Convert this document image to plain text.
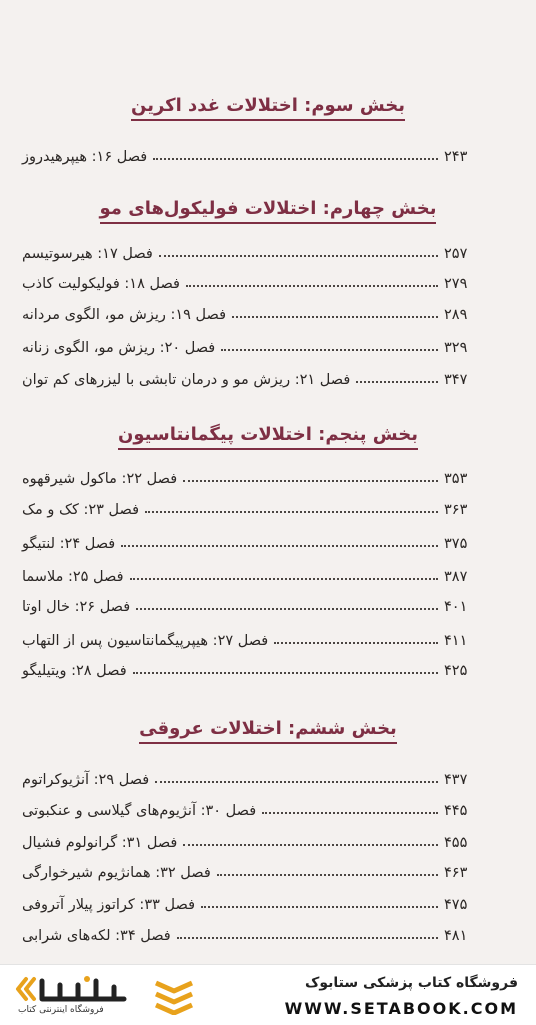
بخش سوم: اختلالات غدد اکرین
فصل ۱۶: هیپرهیدروز	۲۴۳
بخش چهارم: اختلالات فولیکول‌های مو
فصل ۱۷: هیرسوتیسم	۲۵۷
فصل ۱۸: فولیکولیت کاذب	۲۷۹
فصل ۱۹: ریزش مو، الگوی مردانه	۲۸۹
فصل ۲۰: ریزش مو، الگوی زنانه	۳۲۹
فصل ۲۱: ریزش مو و درمان تابشی با لیزرهای کم توان	۳۴۷
بخش پنجم: اختلالات پیگمانتاسیون
فصل ۲۲: ماکول شیرقهوه	۳۵۳
فصل ۲۳: کک و مک	۳۶۳
فصل ۲۴: لنتیگو	۳۷۵
فصل ۲۵: ملاسما	۳۸۷
فصل ۲۶: خال اوتا	۴۰۱
فصل ۲۷: هیپرپیگمانتاسیون پس از التهاب	۴۱۱
فصل ۲۸: ویتیلیگو	۴۲۵
بخش ششم: اختلالات عروقی
فصل ۲۹: آنژیوکراتوم	۴۳۷
فصل ۳۰: آنژیوم‌های گیلاسی و عنکبوتی	۴۴۵
فصل ۳۱: گرانولوم فشیال	۴۵۵
فصل ۳۲: همانژیوم شیرخوارگی	۴۶۳
فصل ۳۳: کراتوز پیلار آتروفی	۴۷۵
فصل ۳۴: لکه‌های شرابی	۴۸۱
فروشگاه اینترنتی کتاب
فروشگاه کتاب پزشکی ستابوک
WWW.SETABOOK.COM
